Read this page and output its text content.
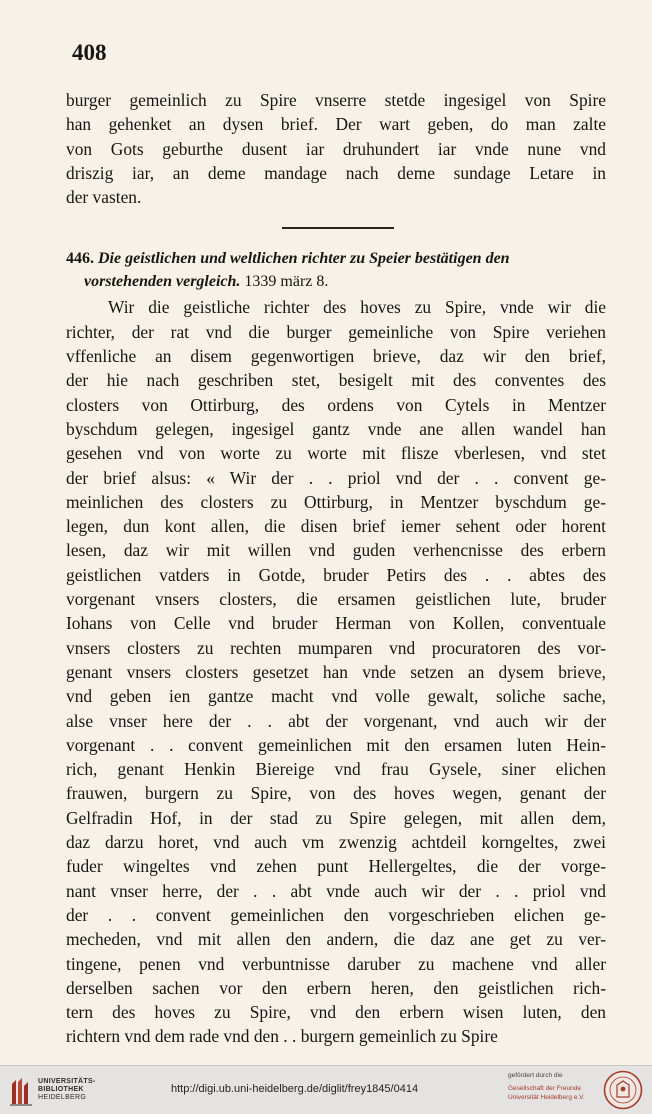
408
burger gemeinlich zu Spire vnserre stetde ingesigel von Spire
han gehenket an dysen brief. Der wart geben, do man zalte
von Gots geburthe dusent iar druhundert iar vnde nune vnd
driszig iar, an deme mandage nach deme sundage Letare in
der vasten.
446. Die geistlichen und weltlichen richter zu Speier bestätigen den
vorstehenden vergleich. 1339 märz 8.
Wir die geistliche richter des hoves zu Spire, vnde wir die
richter, der rat vnd die burger gemeinliche von Spire veriehen
vffenliche an disem gegenwortigen brieve, daz wir den brief,
der hie nach geschriben stet, besigelt mit des conventes des
closters von Ottirburg, des ordens von Cytels in Mentzer
byschdum gelegen, ingesigel gantz vnde ane allen wandel han
gesehen vnd von worte zu worte mit flisze vberlesen, vnd stet
der brief alsus: « Wir der . . priol vnd der . . convent ge-
meinlichen des closters zu Ottirburg, in Mentzer byschdum ge-
legen, dun kont allen, die disen brief iemer sehent oder horent
lesen, daz wir mit willen vnd guden verhencnisse des erbern
geistlichen vatders in Gotde, bruder Petirs des . . abtes des
vorgenant vnsers closters, die ersamen geistlichen lute, bruder
Iohans von Celle vnd bruder Herman von Kollen, conventuale
vnsers closters zu rechten mumparen vnd procuratoren des vor-
genant vnsers closters gesetzet han vnde setzen an dysem brieve,
vnd geben ien gantze macht vnd volle gewalt, soliche sache,
alse vnser here der . . abt der vorgenant, vnd auch wir der
vorgenant . . convent gemeinlichen mit den ersamen luten Hein-
rich, genant Henkin Biereige vnd frau Gysele, siner elichen
frauwen, burgern zu Spire, von des hoves wegen, genant der
Gelfradin Hof, in der stad zu Spire gelegen, mit allen dem,
daz darzu horet, vnd auch vm zwenzig achtdeil korngeltes, zwei
fuder wingeltes vnd zehen punt Hellergeltes, die der vorge-
nant vnser herre, der . . abt vnde auch wir der . . priol vnd
der . . convent gemeinlichen den vorgeschrieben elichen ge-
mecheden, vnd mit allen den andern, die daz ane get zu ver-
tingene, penen vnd verbuntnisse daruber zu machene vnd aller
derselben sachen vor den erbern heren, den geistlichen rich-
tern des hoves zu Spire, vnd den erbern wisen luten, den
richtern vnd dem rade vnd den . . burgern gemeinlich zu Spire
UNIVERSITÄTS-
BIBLIOTHEK
HEIDELBERG
http://digi.ub.uni-heidelberg.de/diglit/frey1845/0414
gefördert durch die
Gesellschaft der Freunde
Universität Heidelberg e.V.
